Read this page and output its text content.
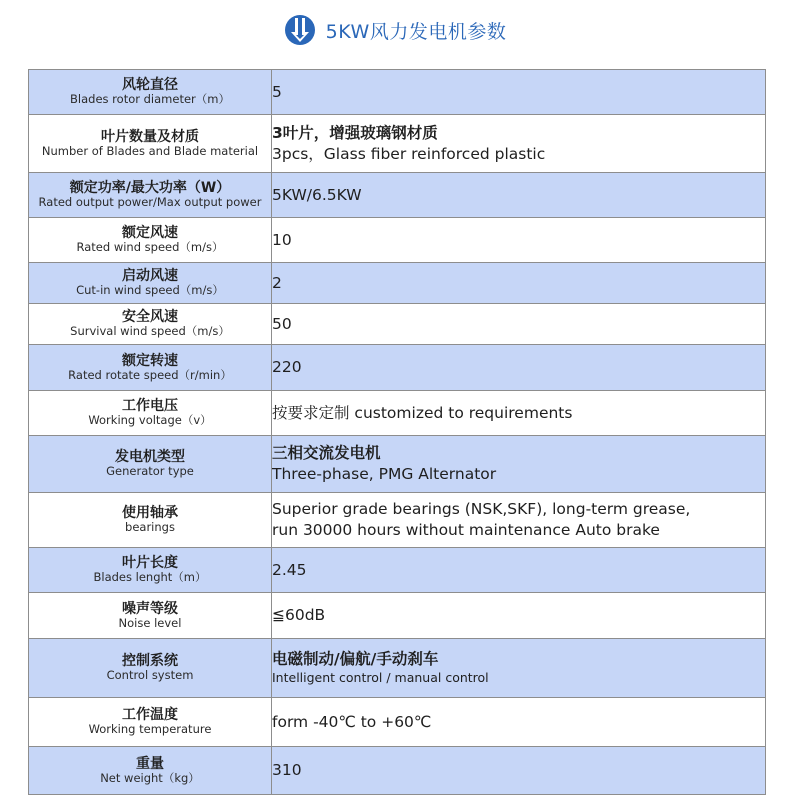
5KW风力发电机参数
风轮直径
Blades rotor diameter（m）	5

叶片数量及材质
Number of Blades and Blade material	3叶片，增强玻璃钢材质
3pcs，Glass fiber reinforced plastic

额定功率/最大功率（W）
Rated output power/Max output power	5KW/6.5KW

额定风速
Rated wind speed（m/s）	10

启动风速
Cut-in wind speed（m/s）	2

安全风速
Survival wind speed（m/s）	50

额定转速
Rated rotate speed（r/min）	220

工作电压
Working voltage（v）	按要求定制 customized to requirements

发电机类型
Generator type	三相交流发电机
Three-phase, PMG Alternator

使用轴承
bearings	Superior grade bearings (NSK,SKF), long-term grease,
run 30000 hours without maintenance Auto brake

叶片长度
Blades lenght（m）	2.45

噪声等级
Noise level	≦60dB

控制系统
Control system	电磁制动/偏航/手动刹车
Intelligent control / manual control

工作温度
Working temperature	form -40℃ to +60℃

重量
Net weight（kg）	310
